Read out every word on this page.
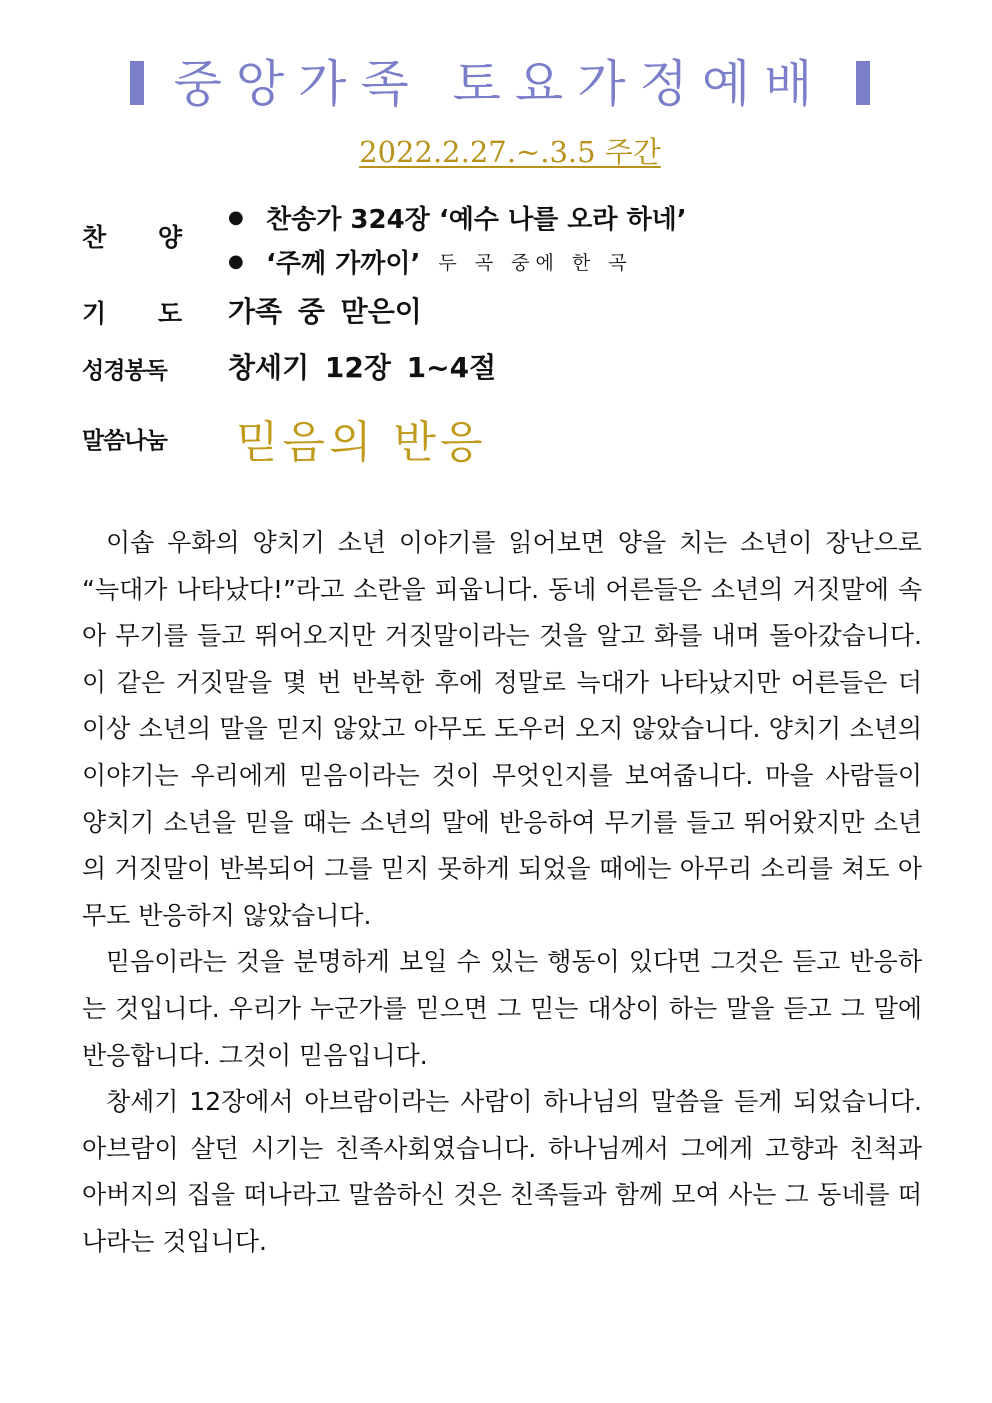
중앙가족 토요가정예배
2022.2.27.~.3.5 주간
찬 양
● 찬송가 324장 ‘예수 나를 오라 하네’
● ‘주께 가까이’ 두 곡 중에 한 곡
기 도 가족 중 맏은이
성경봉독 창세기 12장 1~4절
말씀나눔 믿음의 반응

이솝 우화의 양치기 소년 이야기를 읽어보면 양을 치는 소년이 장난으로 “늑대가 나타났다!”라고 소란을 피웁니다. 동네 어른들은 소년의 거짓말에 속아 무기를 들고 뛰어오지만 거짓말이라는 것을 알고 화를 내며 돌아갔습니다. 이 같은 거짓말을 몇 번 반복한 후에 정말로 늑대가 나타났지만 어른들은 더 이상 소년의 말을 믿지 않았고 아무도 도우러 오지 않았습니다. 양치기 소년의 이야기는 우리에게 믿음이라는 것이 무엇인지를 보여줍니다. 마을 사람들이 양치기 소년을 믿을 때는 소년의 말에 반응하여 무기를 들고 뛰어왔지만 소년의 거짓말이 반복되어 그를 믿지 못하게 되었을 때에는 아무리 소리를 쳐도 아무도 반응하지 않았습니다.

믿음이라는 것을 분명하게 보일 수 있는 행동이 있다면 그것은 듣고 반응하는 것입니다. 우리가 누군가를 믿으면 그 믿는 대상이 하는 말을 듣고 그 말에 반응합니다. 그것이 믿음입니다.

창세기 12장에서 아브람이라는 사람이 하나님의 말씀을 듣게 되었습니다. 아브람이 살던 시기는 친족사회였습니다. 하나님께서 그에게 고향과 친척과 아버지의 집을 떠나라고 말씀하신 것은 친족들과 함께 모여 사는 그 동네를 떠나라는 것입니다.
